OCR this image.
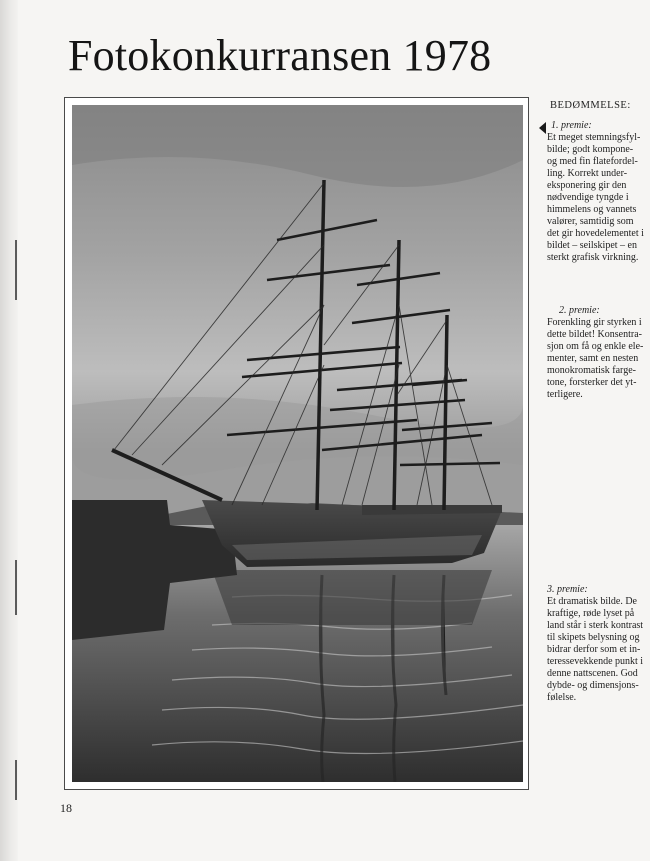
Fotokonkurransen 1978
BEDØMMELSE:
1. premie:
Et meget stemningsfyl-
bilde; godt kompone-
og med fin flatefordel-
ling. Korrekt under-
eksponering gir den
nødvendige tyngde i
himmelens og vannets
valører, samtidig som
det gir hovedelementet i
bildet – seilskipet – en
sterkt grafisk virkning.
2. premie:
Forenkling gir styrken i
dette bildet! Konsentra-
sjon om få og enkle ele-
menter, samt en nesten
monokromatisk farge-
tone, forsterker det yt-
terligere.
3. premie:
Et dramatisk bilde. De
kraftige, røde lyset på
land står i sterk kontrast
til skipets belysning og
bidrar derfor som et in-
teressevekkende punkt i
denne nattscenen. God
dybde- og dimensjons-
følelse.
18
